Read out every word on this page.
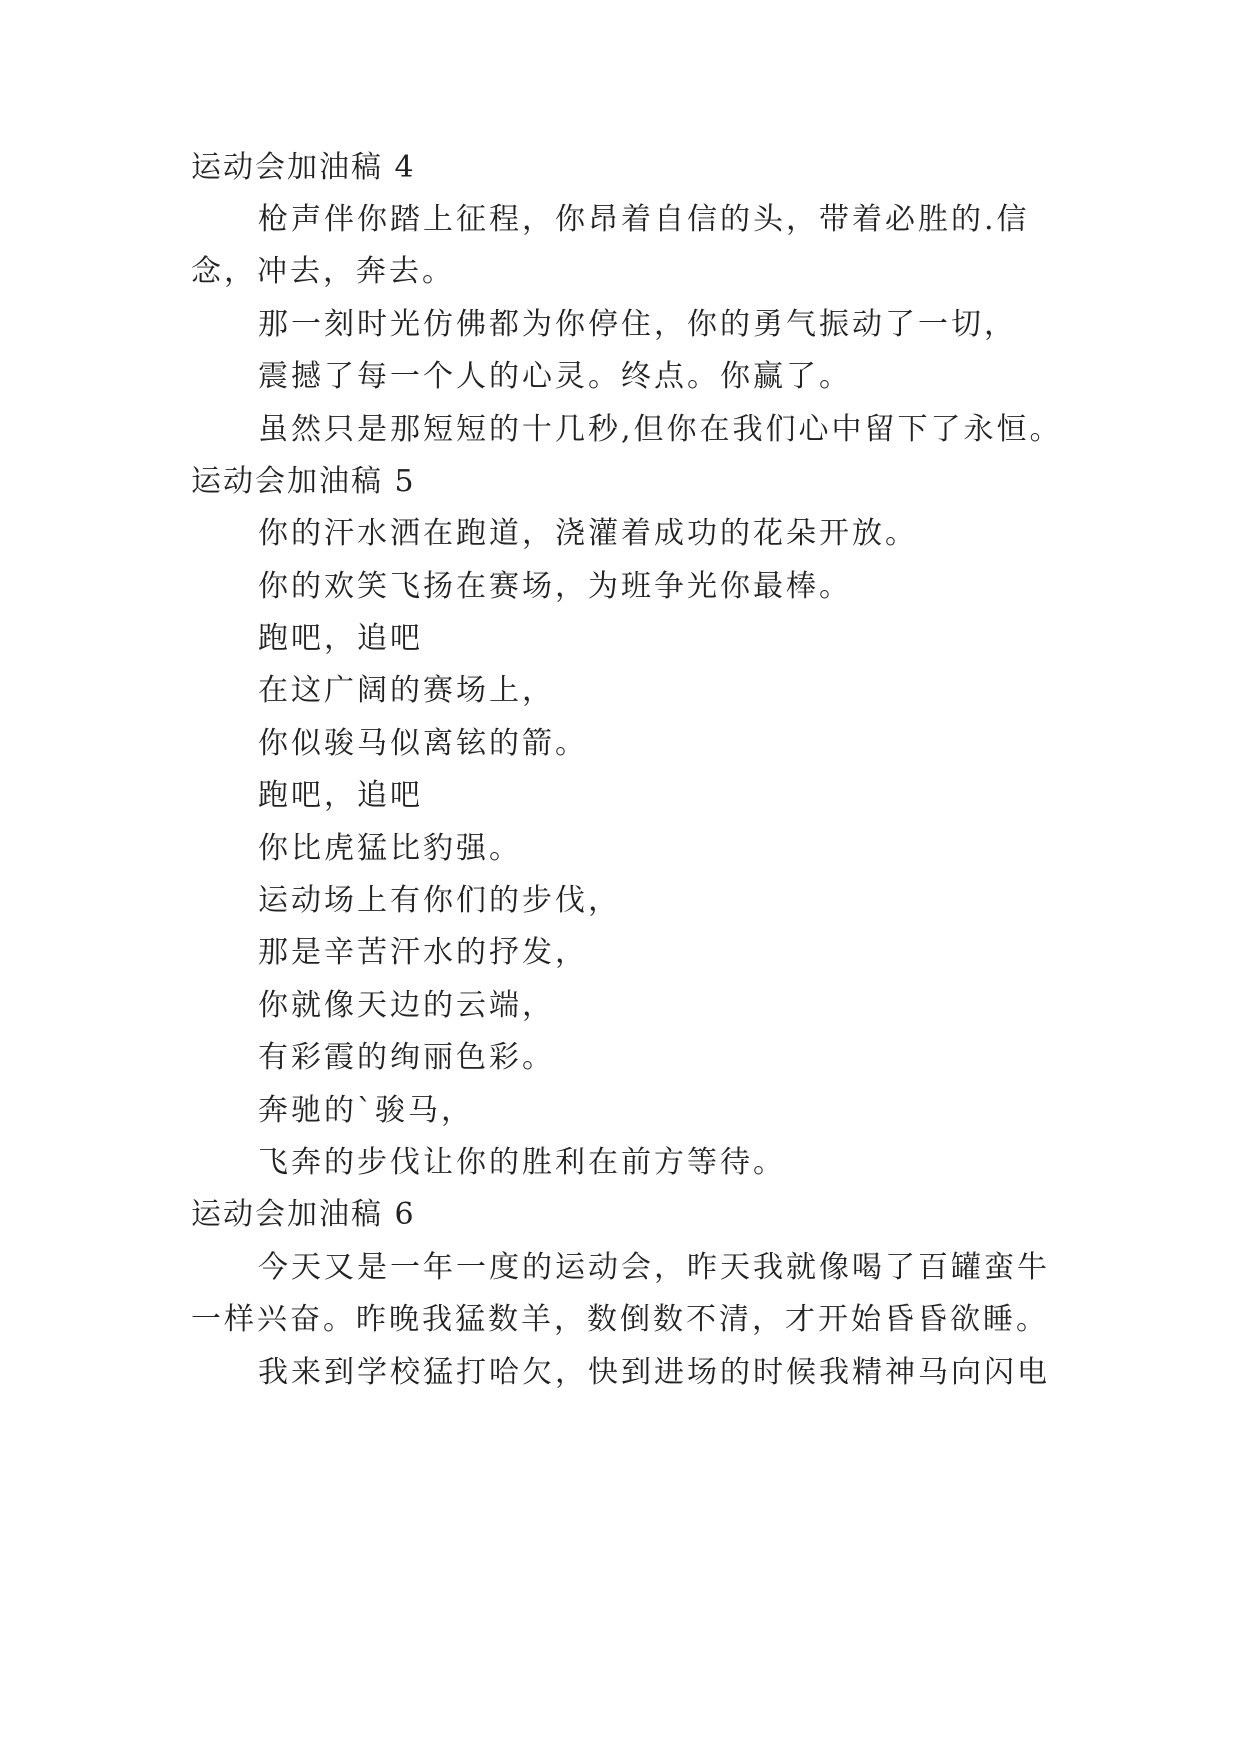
运动会加油稿 4
枪声伴你踏上征程，你昂着自信的头，带着必胜的.信
念，冲去，奔去。
那一刻时光仿佛都为你停住，你的勇气振动了一切，
震撼了每一个人的心灵。终点。你赢了。
虽然只是那短短的十几秒,但你在我们心中留下了永恒。
运动会加油稿 5
你的汗水洒在跑道，浇灌着成功的花朵开放。
你的欢笑飞扬在赛场，为班争光你最棒。
跑吧，追吧
在这广阔的赛场上，
你似骏马似离铉的箭。
跑吧，追吧
你比虎猛比豹强。
运动场上有你们的步伐，
那是辛苦汗水的抒发，
你就像天边的云端，
有彩霞的绚丽色彩。
奔驰的`骏马，
飞奔的步伐让你的胜利在前方等待。
运动会加油稿 6
今天又是一年一度的运动会，昨天我就像喝了百罐蛮牛
一样兴奋。昨晚我猛数羊，数倒数不清，才开始昏昏欲睡。
我来到学校猛打哈欠，快到进场的时候我精神马向闪电
